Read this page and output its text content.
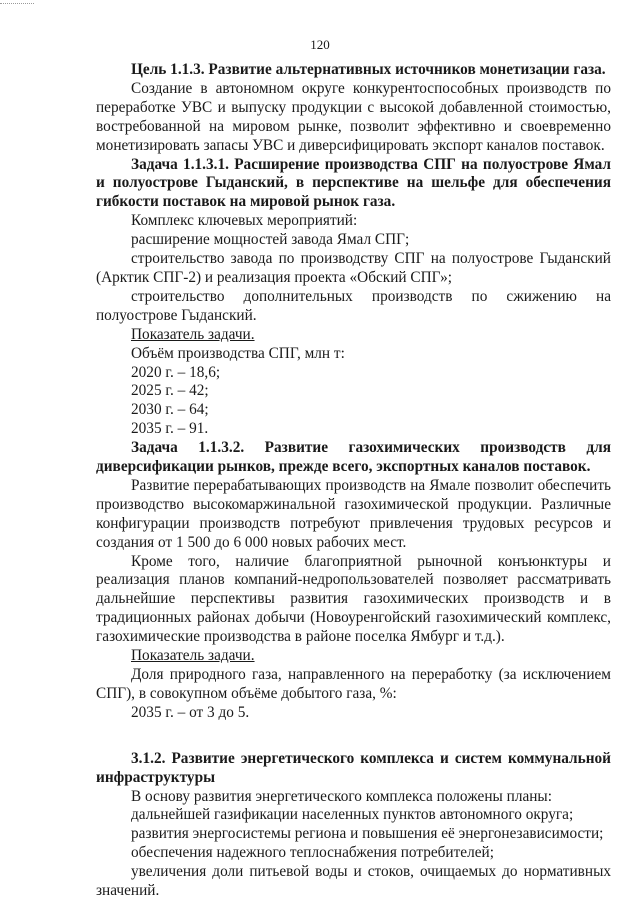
120

Цель 1.1.3. Развитие альтернативных источников монетизации газа.

Создание в автономном округе конкурентоспособных производств по переработке УВС и выпуску продукции с высокой добавленной стоимостью, востребованной на мировом рынке, позволит эффективно и своевременно монетизировать запасы УВС и диверсифицировать экспорт каналов поставок.

Задача 1.1.3.1. Расширение производства СПГ на полуострове Ямал и полуострове Гыданский, в перспективе на шельфе для обеспечения гибкости поставок на мировой рынок газа.

Комплекс ключевых мероприятий:

расширение мощностей завода Ямал СПГ;

строительство завода по производству СПГ на полуострове Гыданский (Арктик СПГ-2) и реализация проекта «Обский СПГ»;

строительство дополнительных производств по сжижению на полуострове Гыданский.

Показатель задачи.

Объём производства СПГ, млн т:

2020 г. – 18,6;

2025 г. – 42;

2030 г. – 64;

2035 г. – 91.

Задача 1.1.3.2. Развитие газохимических производств для диверсификации рынков, прежде всего, экспортных каналов поставок.

Развитие перерабатывающих производств на Ямале позволит обеспечить производство высокомаржинальной газохимической продукции. Различные конфигурации производств потребуют привлечения трудовых ресурсов и создания от 1 500 до 6 000 новых рабочих мест.

Кроме того, наличие благоприятной рыночной конъюнктуры и реализация планов компаний-недропользователей позволяет рассматривать дальнейшие перспективы развития газохимических производств и в традиционных районах добычи (Новоуренгойский газохимический комплекс, газохимические производства в районе поселка Ямбург и т.д.).

Показатель задачи.

Доля природного газа, направленного на переработку (за исключением СПГ), в совокупном объёме добытого газа, %:

2035 г. – от 3 до 5.

3.1.2. Развитие энергетического комплекса и систем коммунальной инфраструктуры

В основу развития энергетического комплекса положены планы:

дальнейшей газификации населенных пунктов автономного округа;

развития энергосистемы региона и повышения её энергонезависимости;

обеспечения надежного теплоснабжения потребителей;

увеличения доли питьевой воды и стоков, очищаемых до нормативных значений.
